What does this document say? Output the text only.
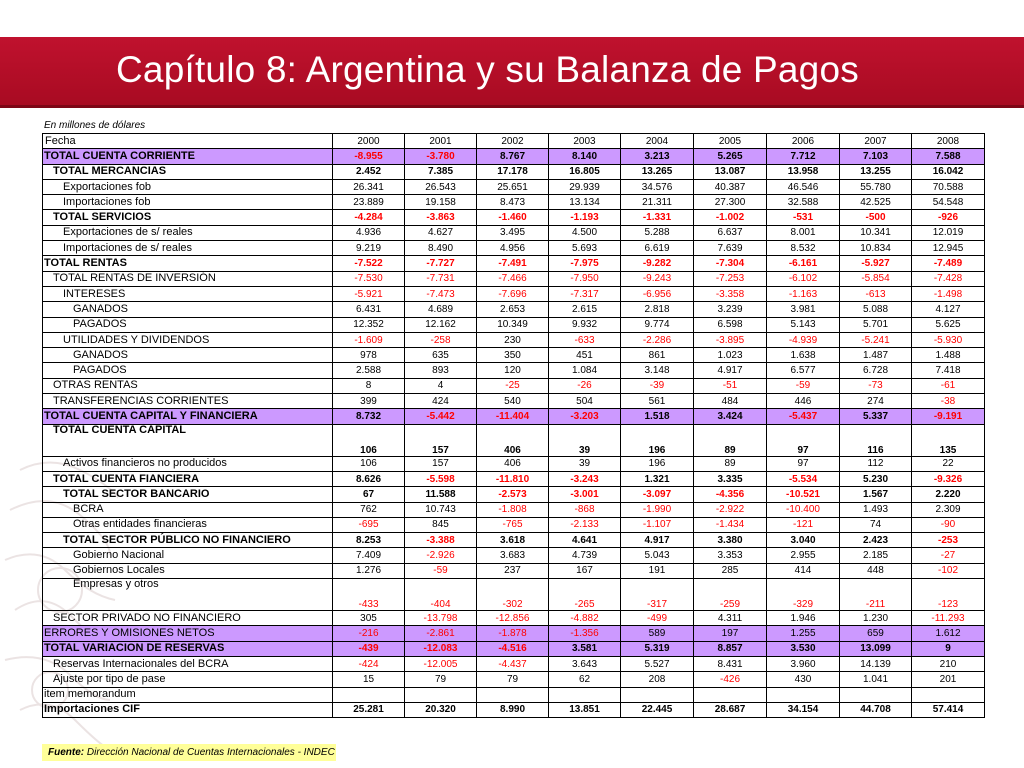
Capítulo 8: Argentina y su Balanza de Pagos
En millones de dólares
Fecha	2000	2001	2002	2003	2004	2005	2006	2007	2008
TOTAL CUENTA CORRIENTE	-8.955	-3.780	8.767	8.140	3.213	5.265	7.712	7.103	7.588
TOTAL MERCANCIAS	2.452	7.385	17.178	16.805	13.265	13.087	13.958	13.255	16.042
Exportaciones fob	26.341	26.543	25.651	29.939	34.576	40.387	46.546	55.780	70.588
Importaciones fob	23.889	19.158	8.473	13.134	21.311	27.300	32.588	42.525	54.548
TOTAL SERVICIOS	-4.284	-3.863	-1.460	-1.193	-1.331	-1.002	-531	-500	-926
Exportaciones de s/ reales	4.936	4.627	3.495	4.500	5.288	6.637	8.001	10.341	12.019
Importaciones de s/ reales	9.219	8.490	4.956	5.693	6.619	7.639	8.532	10.834	12.945
TOTAL RENTAS	-7.522	-7.727	-7.491	-7.975	-9.282	-7.304	-6.161	-5.927	-7.489
TOTAL RENTAS DE INVERSIÓN	-7.530	-7.731	-7.466	-7.950	-9.243	-7.253	-6.102	-5.854	-7.428
INTERESES	-5.921	-7.473	-7.696	-7.317	-6.956	-3.358	-1.163	-613	-1.498
GANADOS	6.431	4.689	2.653	2.615	2.818	3.239	3.981	5.088	4.127
PAGADOS	12.352	12.162	10.349	9.932	9.774	6.598	5.143	5.701	5.625
UTILIDADES Y DIVIDENDOS	-1.609	-258	230	-633	-2.286	-3.895	-4.939	-5.241	-5.930
GANADOS	978	635	350	451	861	1.023	1.638	1.487	1.488
PAGADOS	2.588	893	120	1.084	3.148	4.917	6.577	6.728	7.418
OTRAS RENTAS	8	4	-25	-26	-39	-51	-59	-73	-61
TRANSFERENCIAS CORRIENTES	399	424	540	504	561	484	446	274	-38
TOTAL CUENTA CAPITAL Y FINANCIERA	8.732	-5.442	-11.404	-3.203	1.518	3.424	-5.437	5.337	-9.191
TOTAL CUENTA CAPITAL	106	157	406	39	196	89	97	116	135
Activos financieros no producidos	106	157	406	39	196	89	97	112	22
TOTAL CUENTA FIANCIERA	8.626	-5.598	-11.810	-3.243	1.321	3.335	-5.534	5.230	-9.326
TOTAL SECTOR BANCARIO	67	11.588	-2.573	-3.001	-3.097	-4.356	-10.521	1.567	2.220
BCRA	762	10.743	-1.808	-868	-1.990	-2.922	-10.400	1.493	2.309
Otras entidades financieras	-695	845	-765	-2.133	-1.107	-1.434	-121	74	-90
TOTAL SECTOR PÚBLICO NO FINANCIERO	8.253	-3.388	3.618	4.641	4.917	3.380	3.040	2.423	-253
Gobierno Nacional	7.409	-2.926	3.683	4.739	5.043	3.353	2.955	2.185	-27
Gobiernos Locales	1.276	-59	237	167	191	285	414	448	-102
Empresas y otros	-433	-404	-302	-265	-317	-259	-329	-211	-123
SECTOR PRIVADO NO FINANCIERO	305	-13.798	-12.856	-4.882	-499	4.311	1.946	1.230	-11.293
ERRORES Y OMISIONES NETOS	-216	-2.861	-1.878	-1.356	589	197	1.255	659	1.612
TOTAL VARIACION DE RESERVAS	-439	-12.083	-4.516	3.581	5.319	8.857	3.530	13.099	9
Reservas Internacionales del BCRA	-424	-12.005	-4.437	3.643	5.527	8.431	3.960	14.139	210
Ajuste por tipo de pase	15	79	79	62	208	-426	430	1.041	201
item memorandum									
Importaciones CIF	25.281	20.320	8.990	13.851	22.445	28.687	34.154	44.708	57.414
Fuente: Dirección Nacional de Cuentas Internacionales - INDEC
